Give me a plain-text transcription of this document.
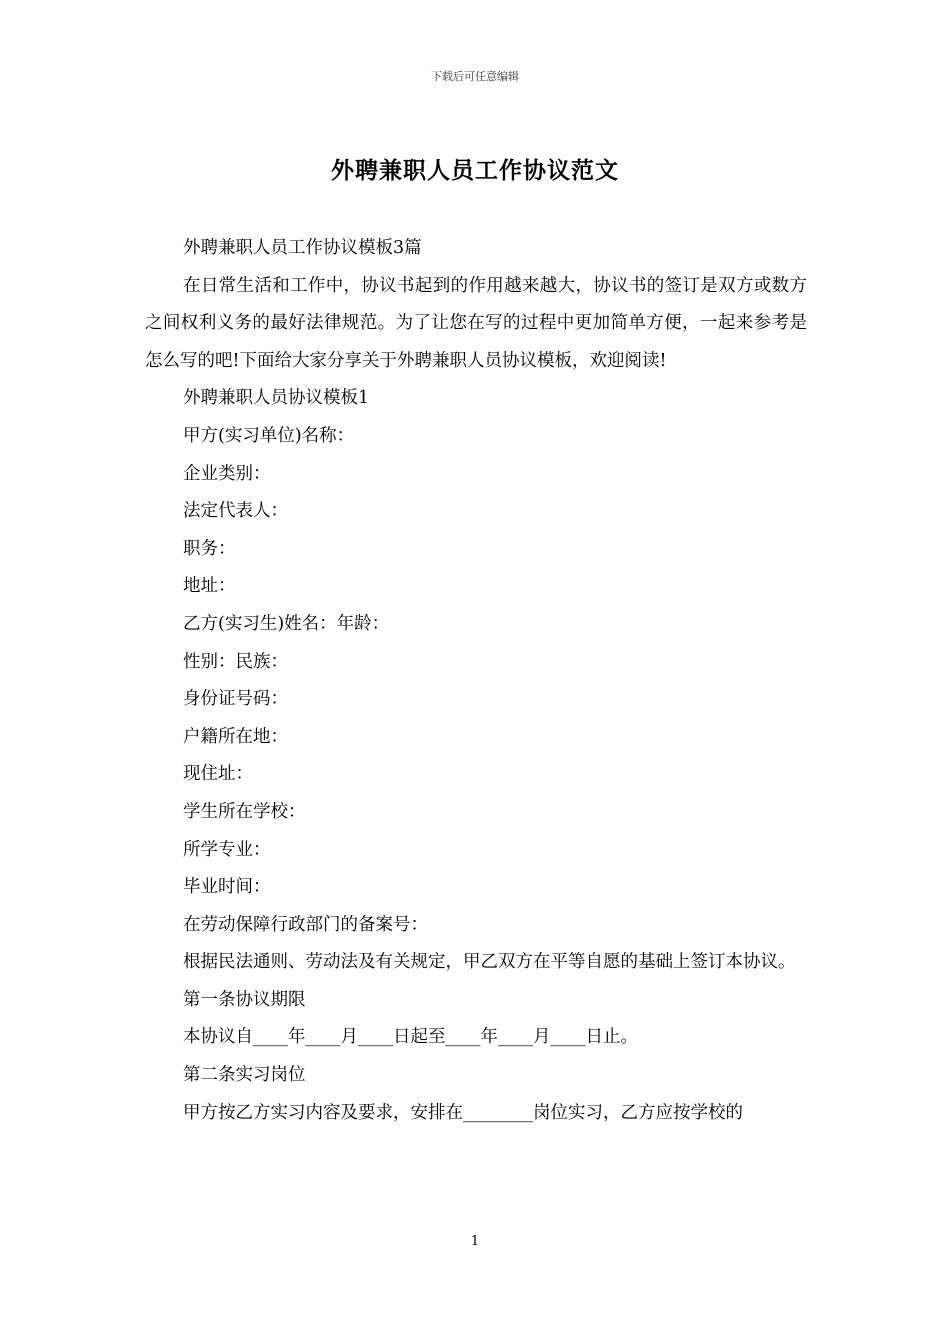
下载后可任意编辑
外聘兼职人员工作协议范文

外聘兼职人员工作协议模板3篇

在日常生活和工作中，协议书起到的作用越来越大，协议书的签订是双方或数方之间权利义务的最好法律规范。为了让您在写的过程中更加简单方便，一起来参考是怎么写的吧!下面给大家分享关于外聘兼职人员协议模板，欢迎阅读!

外聘兼职人员协议模板1

甲方(实习单位)名称：

企业类别：

法定代表人：

职务：

地址：

乙方(实习生)姓名：年龄：

性别：民族：

身份证号码：

户籍所在地：

现住址：

学生所在学校：

所学专业：

毕业时间：

在劳动保障行政部门的备案号：

根据民法通则、劳动法及有关规定，甲乙双方在平等自愿的基础上签订本协议。

第一条协议期限

本协议自____年____月____日起至____年____月____日止。

第二条实习岗位

甲方按乙方实习内容及要求，安排在________岗位实习，乙方应按学校的

1
